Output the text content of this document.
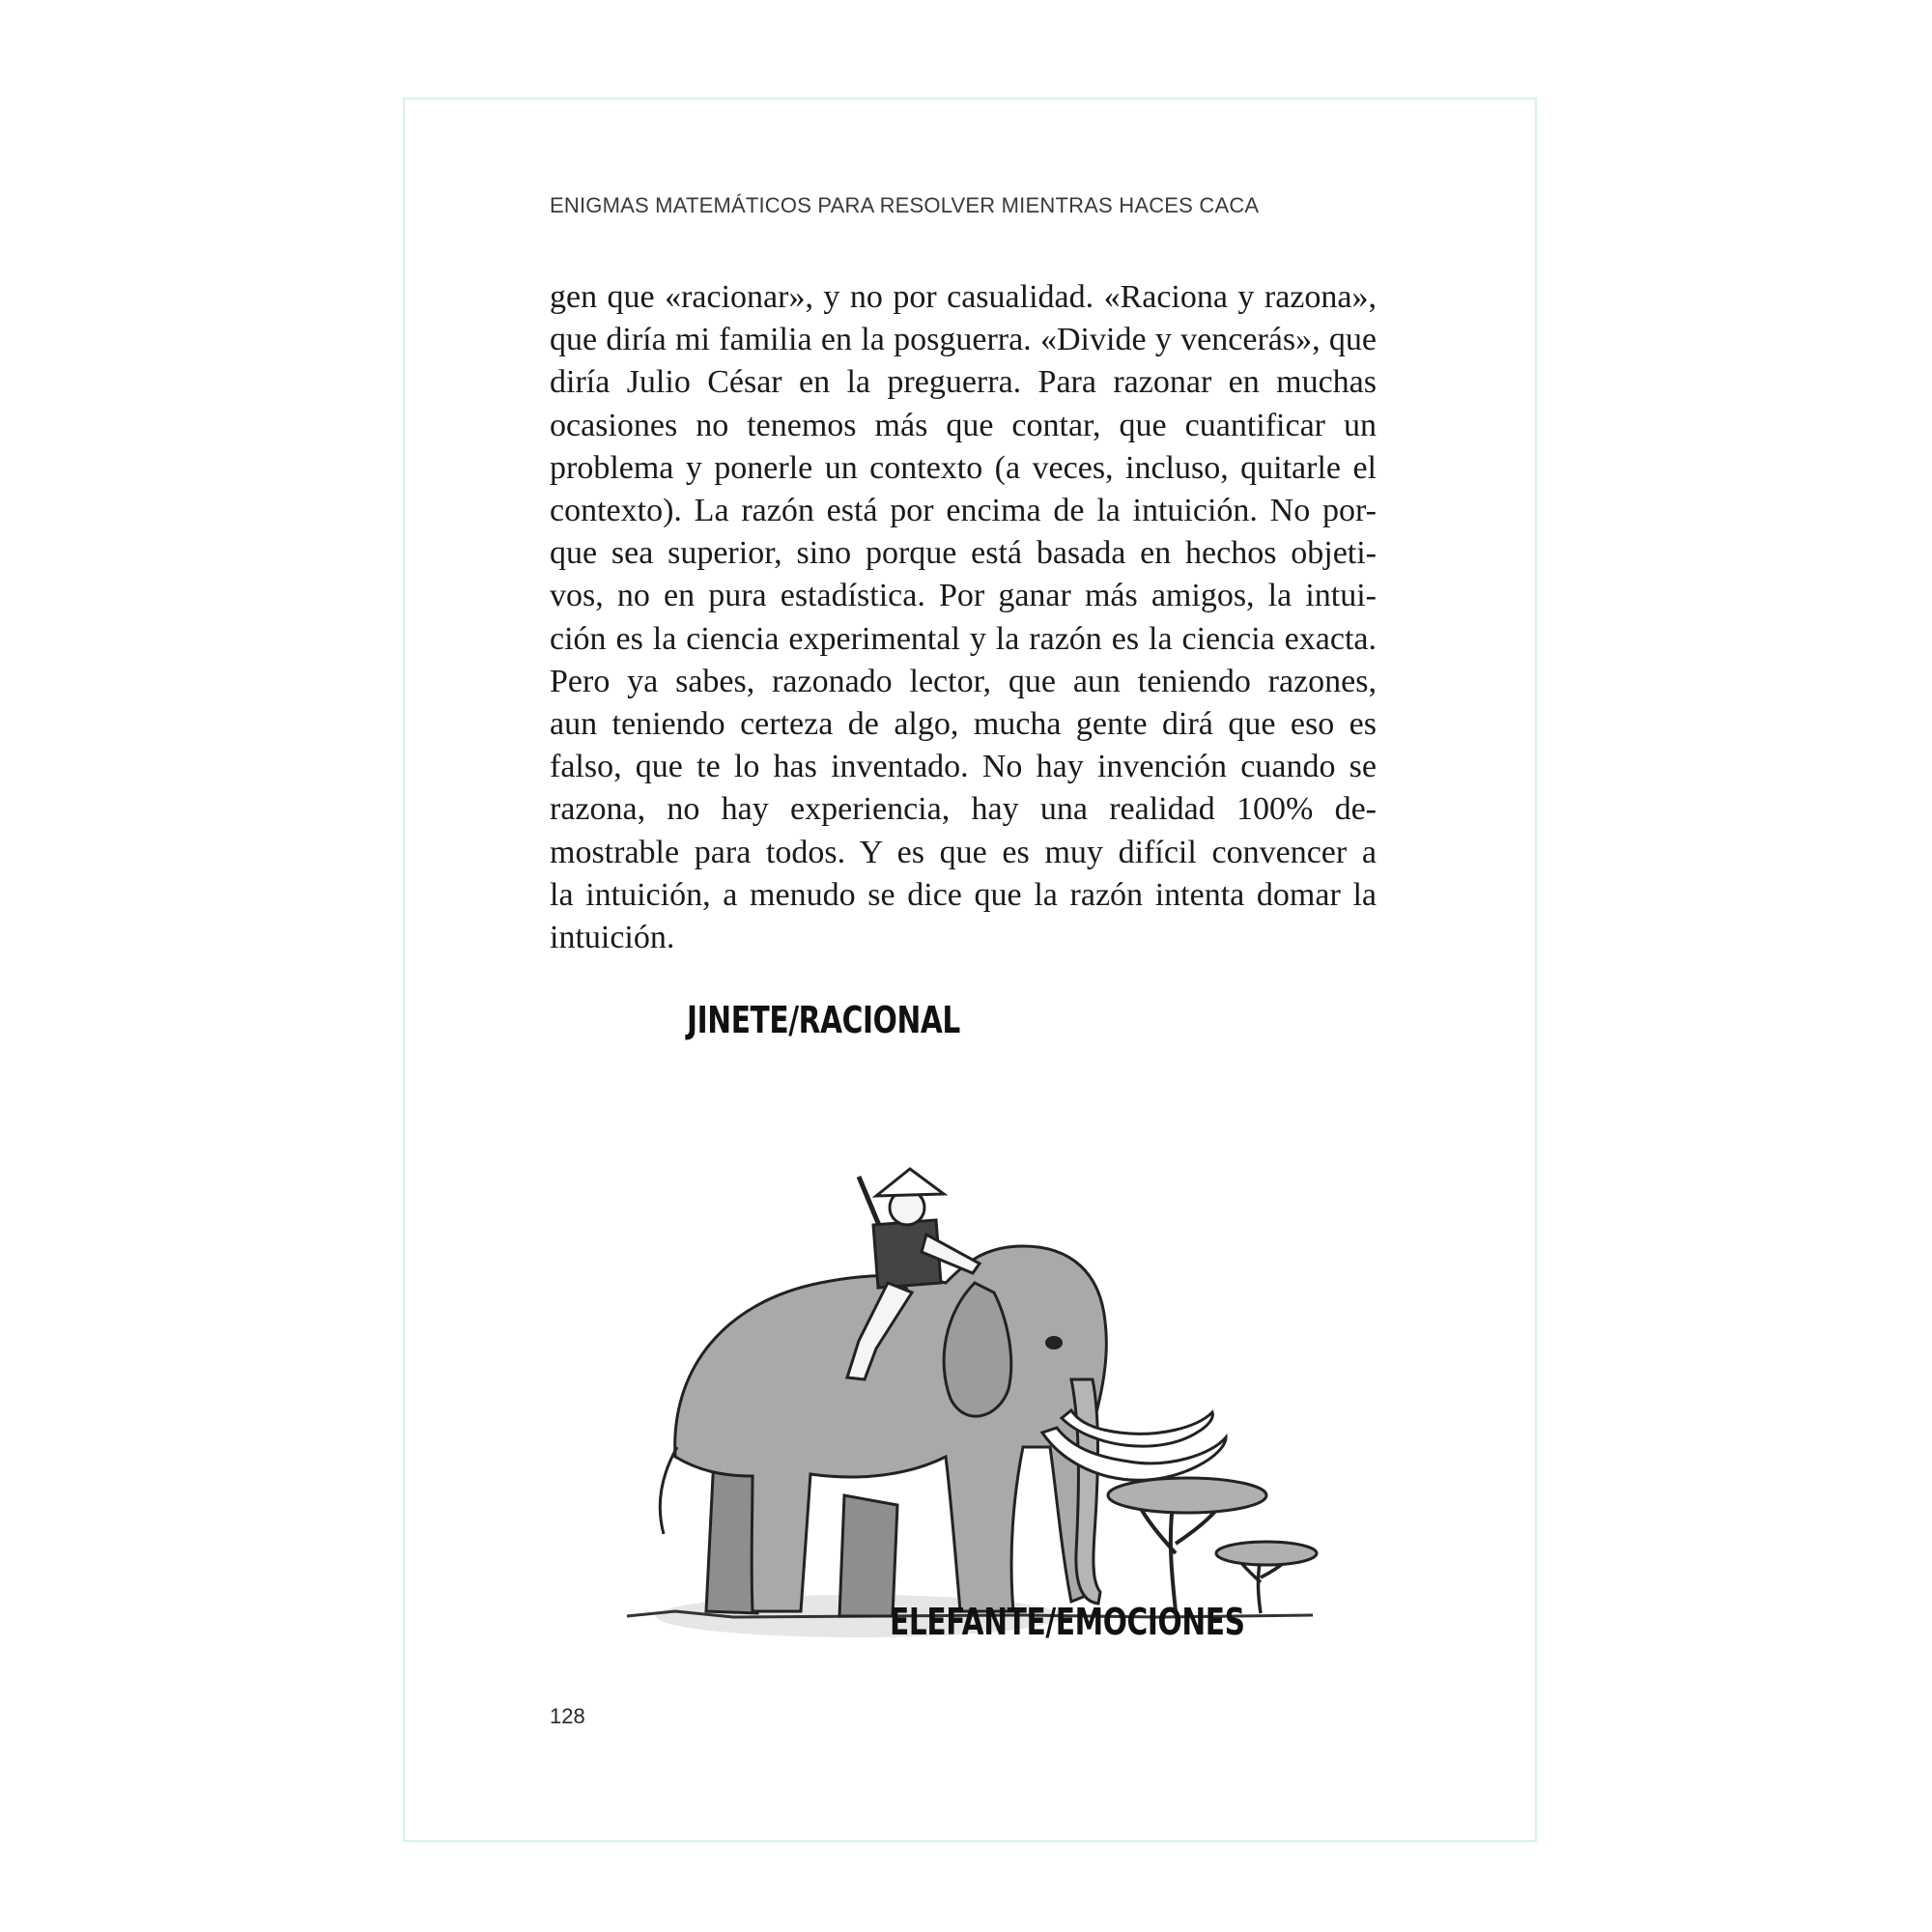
ENIGMAS MATEMÁTICOS PARA RESOLVER MIENTRAS HACES CACA
gen que «racionar», y no por casualidad. «Raciona y razona»,
que diría mi familia en la posguerra. «Divide y vencerás», que
diría Julio César en la preguerra. Para razonar en muchas
ocasiones no tenemos más que contar, que cuantificar un
problema y ponerle un contexto (a veces, incluso, quitarle el
contexto). La razón está por encima de la intuición. No por-
que sea superior, sino porque está basada en hechos objeti-
vos, no en pura estadística. Por ganar más amigos, la intui-
ción es la ciencia experimental y la razón es la ciencia exacta.
Pero ya sabes, razonado lector, que aun teniendo razones,
aun teniendo certeza de algo, mucha gente dirá que eso es
falso, que te lo has inventado. No hay invención cuando se
razona, no hay experiencia, hay una realidad 100% de-
mostrable para todos. Y es que es muy difícil convencer a
la intuición, a menudo se dice que la razón intenta domar la
intuición.
JINETE/RACIONAL
ELEFANTE/EMOCIONES
128
